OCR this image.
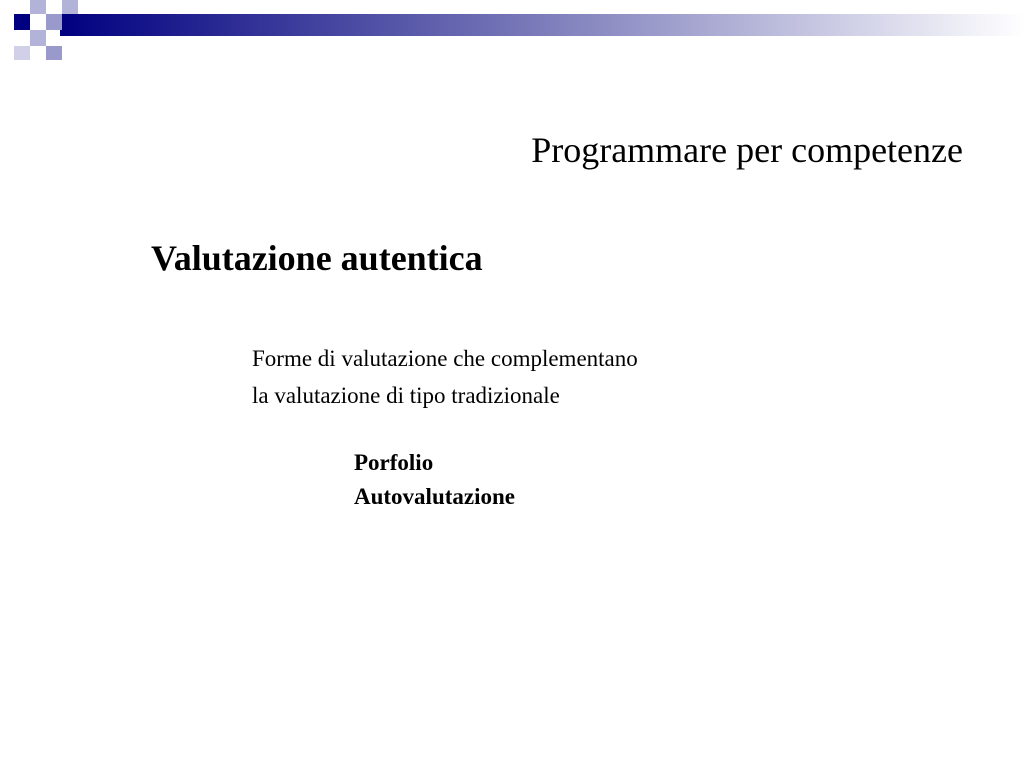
Programmare per competenze
Valutazione autentica
Forme di valutazione che complementano
la valutazione di tipo tradizionale
Porfolio
Autovalutazione
